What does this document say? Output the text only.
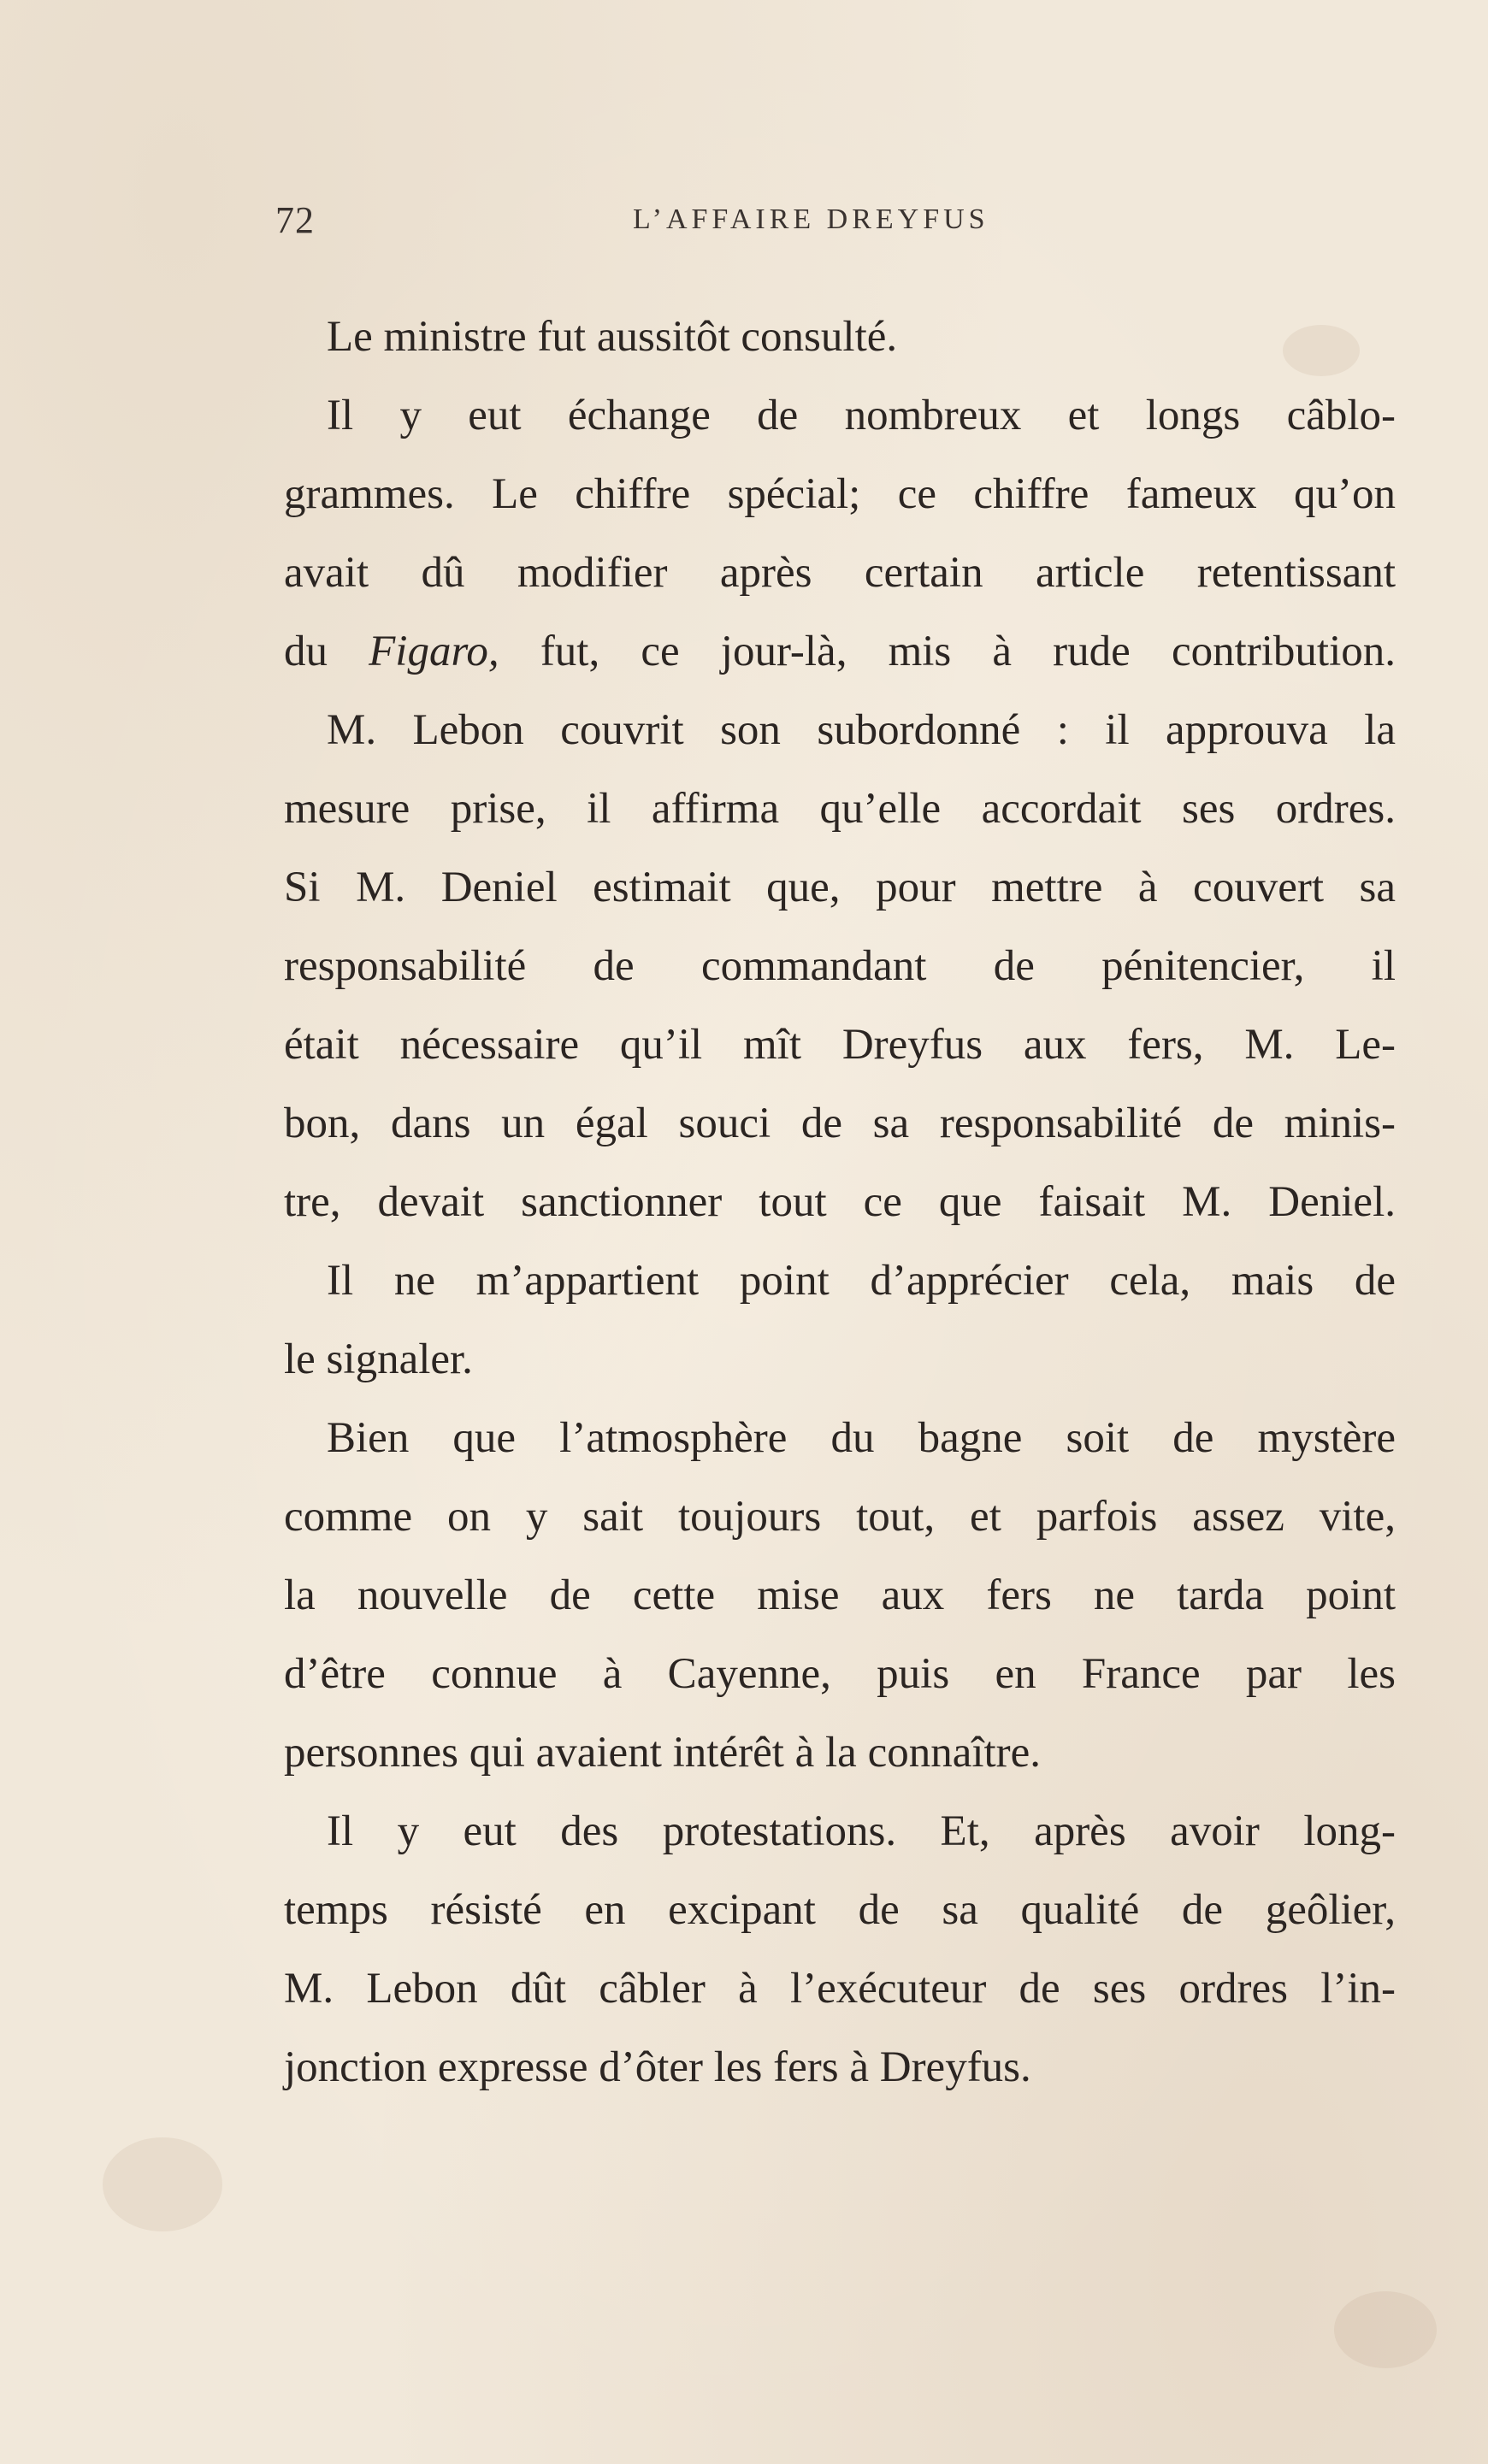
72	L’AFFAIRE DREYFUS
Le ministre fut aussitôt consulté.
Il y eut échange de nombreux et longs câblo-
grammes. Le chiffre spécial; ce chiffre fameux qu’on
avait dû modifier après certain article retentissant
du Figaro, fut, ce jour-là, mis à rude contribution.
M. Lebon couvrit son subordonné : il approuva la
mesure prise, il affirma qu’elle accordait ses ordres.
Si M. Deniel estimait que, pour mettre à couvert sa
responsabilité de commandant de pénitencier, il
était nécessaire qu’il mît Dreyfus aux fers, M. Le-
bon, dans un égal souci de sa responsabilité de minis-
tre, devait sanctionner tout ce que faisait M. Deniel.
Il ne m’appartient point d’apprécier cela, mais de
le signaler.
Bien que l’atmosphère du bagne soit de mystère
comme on y sait toujours tout, et parfois assez vite,
la nouvelle de cette mise aux fers ne tarda point
d’être connue à Cayenne, puis en France par les
personnes qui avaient intérêt à la connaître.
Il y eut des protestations. Et, après avoir long-
temps résisté en excipant de sa qualité de geôlier,
M. Lebon dût câbler à l’exécuteur de ses ordres l’in-
jonction expresse d’ôter les fers à Dreyfus.
